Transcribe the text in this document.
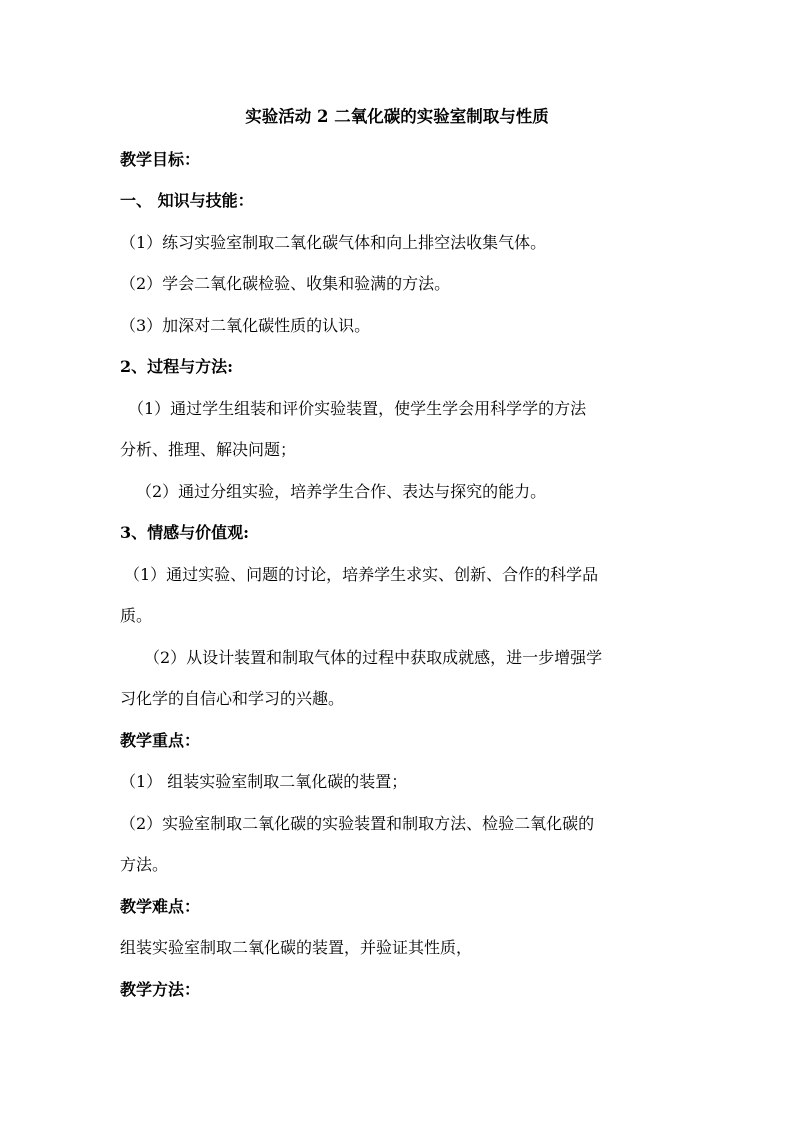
实验活动 2 二氧化碳的实验室制取与性质
教学目标：
一、 知识与技能：
（1）练习实验室制取二氧化碳气体和向上排空法收集气体。
（2）学会二氧化碳检验、收集和验满的方法。
（3）加深对二氧化碳性质的认识。
2、过程与方法:
（1）通过学生组装和评价实验装置，使学生学会用科学学的方法
分析、推理、解决问题；
（2）通过分组实验，培养学生合作、表达与探究的能力。
3、情感与价值观:
（1）通过实验、问题的讨论，培养学生求实、创新、合作的科学品
质。
（2）从设计装置和制取气体的过程中获取成就感，进一步增强学
习化学的自信心和学习的兴趣。
教学重点：
（1） 组装实验室制取二氧化碳的装置；
（2）实验室制取二氧化碳的实验装置和制取方法、检验二氧化碳的
方法。
教学难点：
组装实验室制取二氧化碳的装置，并验证其性质，
教学方法：
